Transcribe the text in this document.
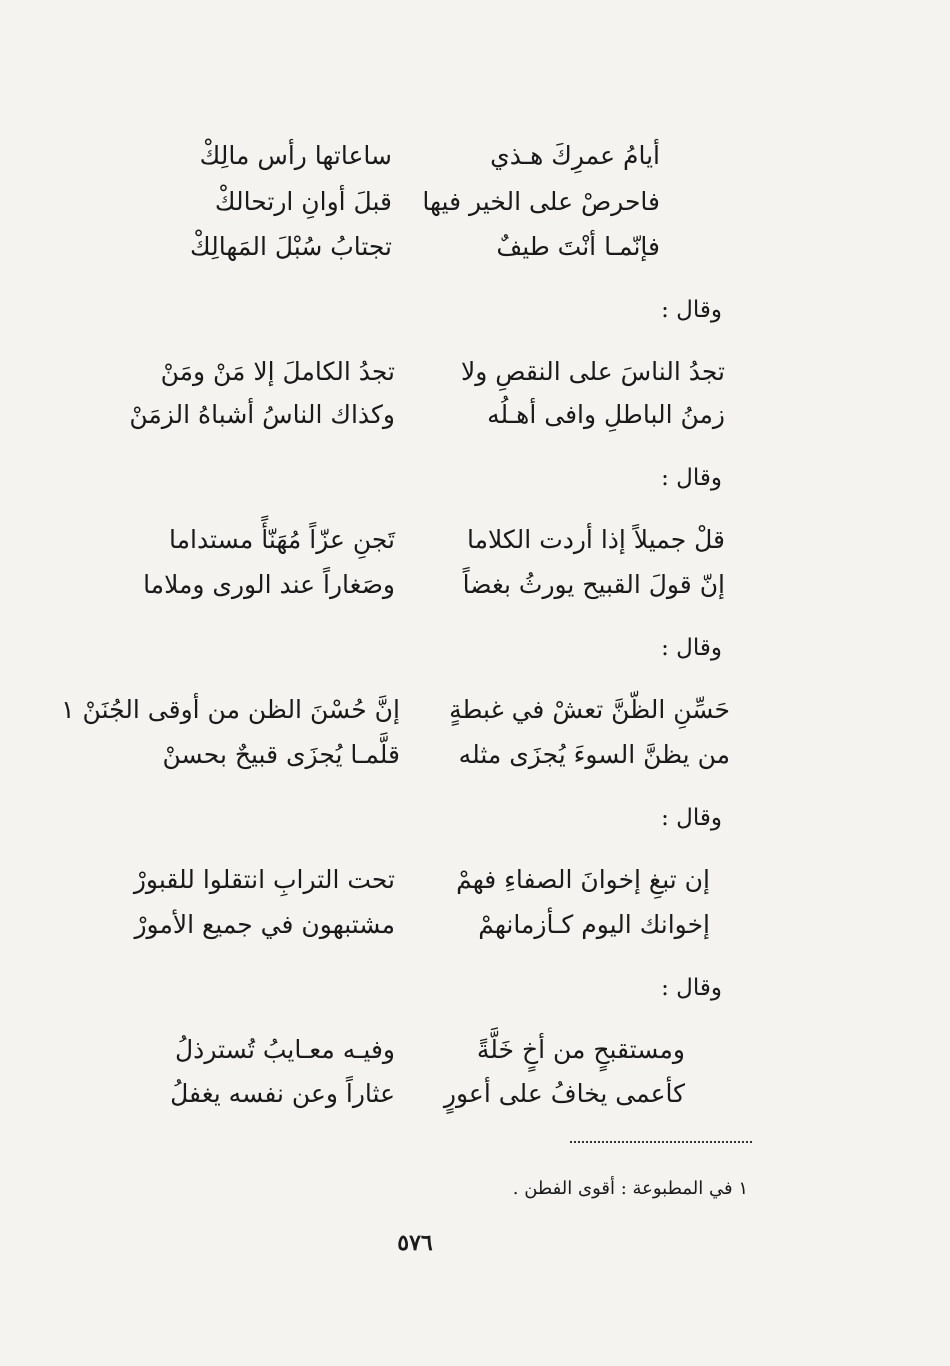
أيامُ عمرِكَ هـذي
ساعاتها رأس مالِكْ
فاحرصْ على الخير فيها
قبلَ أوانِ ارتحالكْ
فإنّمـا أنْتَ طيفٌ
تجتابُ سُبْلَ المَهالِكْ
وقال :
تجدُ الناسَ على النقصِ ولا
تجدُ الكاملَ إلا مَنْ ومَنْ
زمنُ الباطلِ وافى أهـلُه
وكذاك الناسُ أشباهُ الزمَنْ
وقال :
قلْ جميلاً إذا أردت الكلاما
تَجنِ عزّاً مُهَنّأً مستداما
إنّ قولَ القبيح يورثُ بغضاً
وصَغاراً عند الورى وملاما
وقال :
حَسِّنِ الظّنَّ تعشْ في غبطةٍ
إنَّ حُسْنَ الظن من أوقى الجُنَنْ ١
من يظنَّ السوءَ يُجزَى مثله
قلَّمـا يُجزَى قبيحٌ بحسنْ
وقال :
إن تبغِ إخوانَ الصفاءِ فهمْ
تحت الترابِ انتقلوا للقبورْ
إخوانك اليوم كـأزمانهمْ
مشتبهون في جميع الأمورْ
وقال :
ومستقبحٍ من أخٍ خَلَّةً
وفيـه معـايبُ تُسترذلُ
كأعمى يخافُ على أعورٍ
عثاراً وعن نفسه يغفلُ
١ في المطبوعة : أقوى الفطن .
٥٧٦
